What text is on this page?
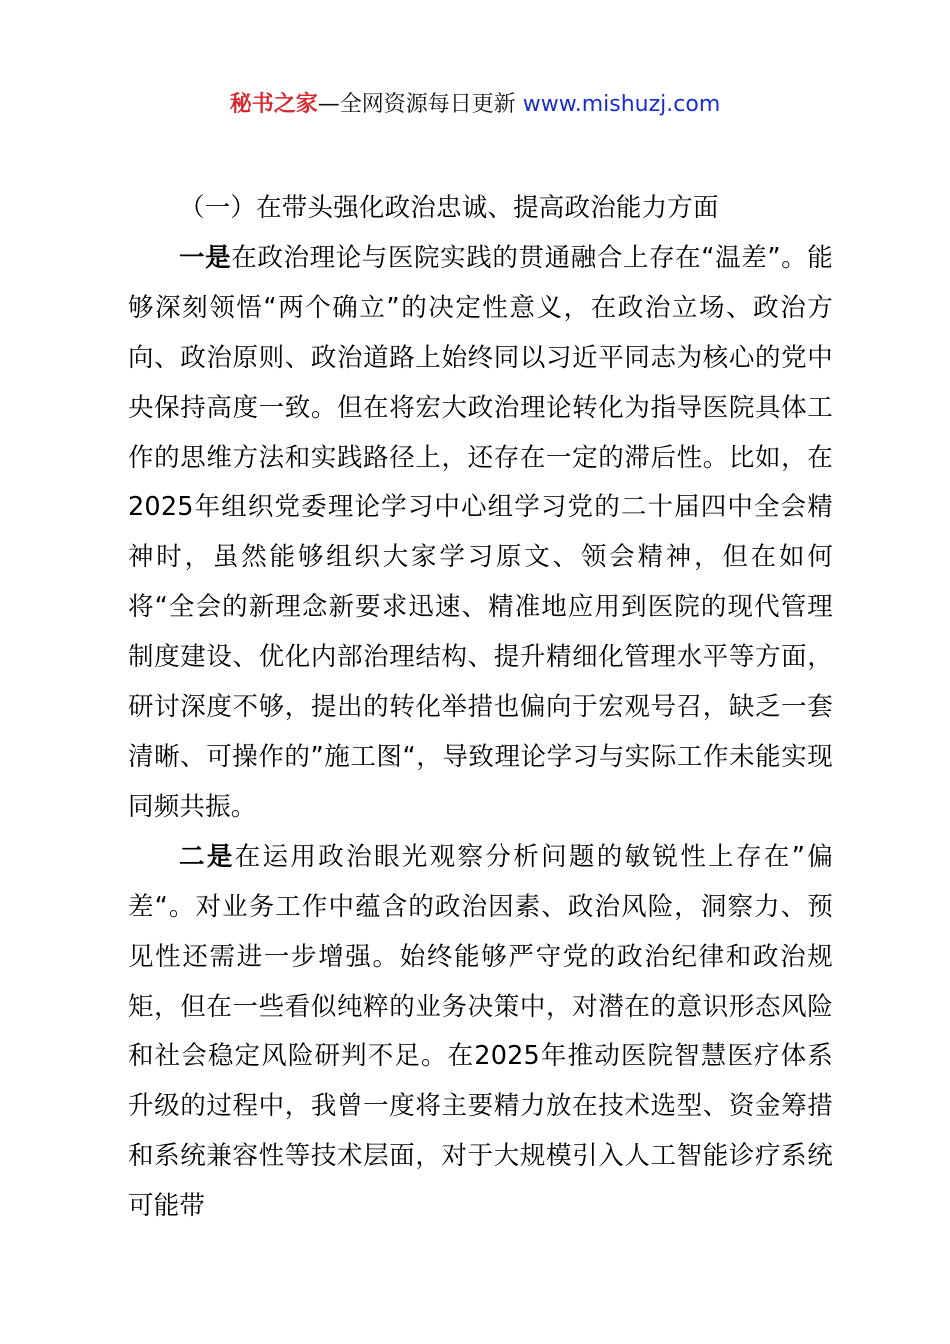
秘书之家—全网资源每日更新 www.mishuzj.com

（一）在带头强化政治忠诚、提高政治能力方面

一是在政治理论与医院实践的贯通融合上存在“温差”。能够深刻领悟“两个确立”的决定性意义，在政治立场、政治方向、政治原则、政治道路上始终同以习近平同志为核心的党中央保持高度一致。但在将宏大政治理论转化为指导医院具体工作的思维方法和实践路径上，还存在一定的滞后性。比如，在2025年组织党委理论学习中心组学习党的二十届四中全会精神时，虽然能够组织大家学习原文、领会精神，但在如何将“全会的新理念新要求迅速、精准地应用到医院的现代管理制度建设、优化内部治理结构、提升精细化管理水平等方面，研讨深度不够，提出的转化举措也偏向于宏观号召，缺乏一套清晰、可操作的”施工图“，导致理论学习与实际工作未能实现同频共振。

二是在运用政治眼光观察分析问题的敏锐性上存在”偏差“。对业务工作中蕴含的政治因素、政治风险，洞察力、预见性还需进一步增强。始终能够严守党的政治纪律和政治规矩，但在一些看似纯粹的业务决策中，对潜在的意识形态风险和社会稳定风险研判不足。在2025年推动医院智慧医疗体系升级的过程中，我曾一度将主要精力放在技术选型、资金筹措和系统兼容性等技术层面，对于大规模引入人工智能诊疗系统可能带
